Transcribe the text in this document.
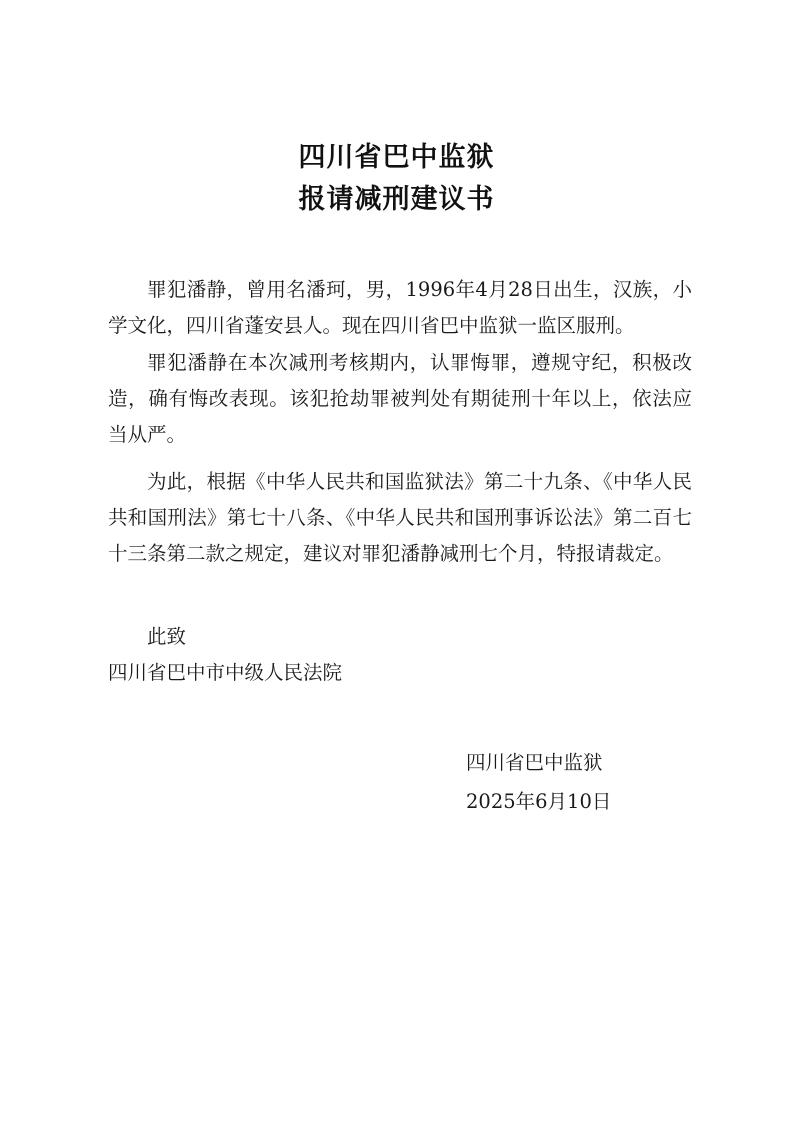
四川省巴中监狱
报请减刑建议书

罪犯潘静，曾用名潘珂，男，1996年4月28日出生，汉族，小学文化，四川省蓬安县人。现在四川省巴中监狱一监区服刑。

罪犯潘静在本次减刑考核期内，认罪悔罪，遵规守纪，积极改造，确有悔改表现。该犯抢劫罪被判处有期徒刑十年以上，依法应当从严。

为此，根据《中华人民共和国监狱法》第二十九条、《中华人民共和国刑法》第七十八条、《中华人民共和国刑事诉讼法》第二百七十三条第二款之规定，建议对罪犯潘静减刑七个月，特报请裁定。

此致

四川省巴中市中级人民法院
四川省巴中监狱
2025年6月10日
